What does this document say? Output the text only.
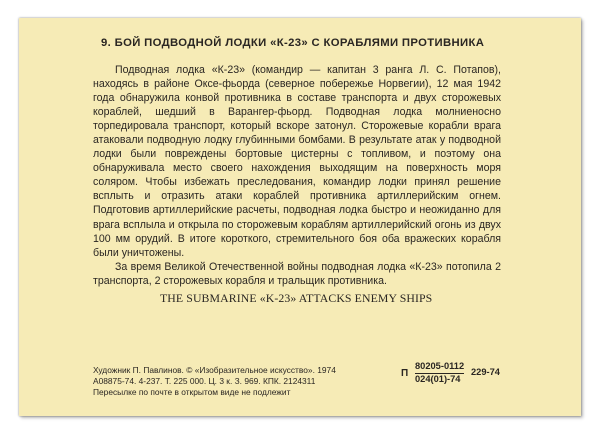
9. БОЙ ПОДВОДНОЙ ЛОДКИ «К-23» С КОРАБЛЯМИ ПРОТИВНИКА

Подводная лодка «К-23» (командир — капитан 3 ранга Л. С. Потапов), находясь в районе Оксе-фьорда (северное побережье Норвегии), 12 мая 1942 года обнаружила конвой противника в составе транспорта и двух сторожевых кораблей, шедший в Варангер-фьорд. Подводная лодка молниеносно торпедировала транспорт, который вскоре затонул. Сторожевые корабли врага атаковали подводную лодку глубинными бомбами. В результате атак у подводной лодки были повреждены бортовые цистерны с топливом, и поэтому она обнаруживала место своего нахождения выходящим на поверхность моря соляром. Чтобы избежать преследования, командир лодки принял решение всплыть и отразить атаки кораблей противника артиллерийским огнем. Подготовив артиллерийские расчеты, подводная лодка быстро и неожиданно для врага всплыла и открыла по сторожевым кораблям артиллерийский огонь из двух 100 мм орудий. В итоге короткого, стремительного боя оба вражеских корабля были уничтожены.

За время Великой Отечественной войны подводная лодка «К-23» потопила 2 транспорта, 2 сторожевых корабля и тральщик противника.

THE SUBMARINE «K-23» ATTACKS ENEMY SHIPS
Художник П. Павлинов. © «Изобразительное искусство». 1974
А08875-74. 4-237. Т. 225 000. Ц. 3 к. З. 969. КПК. 2124311
Пересылке по почте в открытом виде не подлежит
П $\frac{80205-0112}{024(01)-74} 229-74$
